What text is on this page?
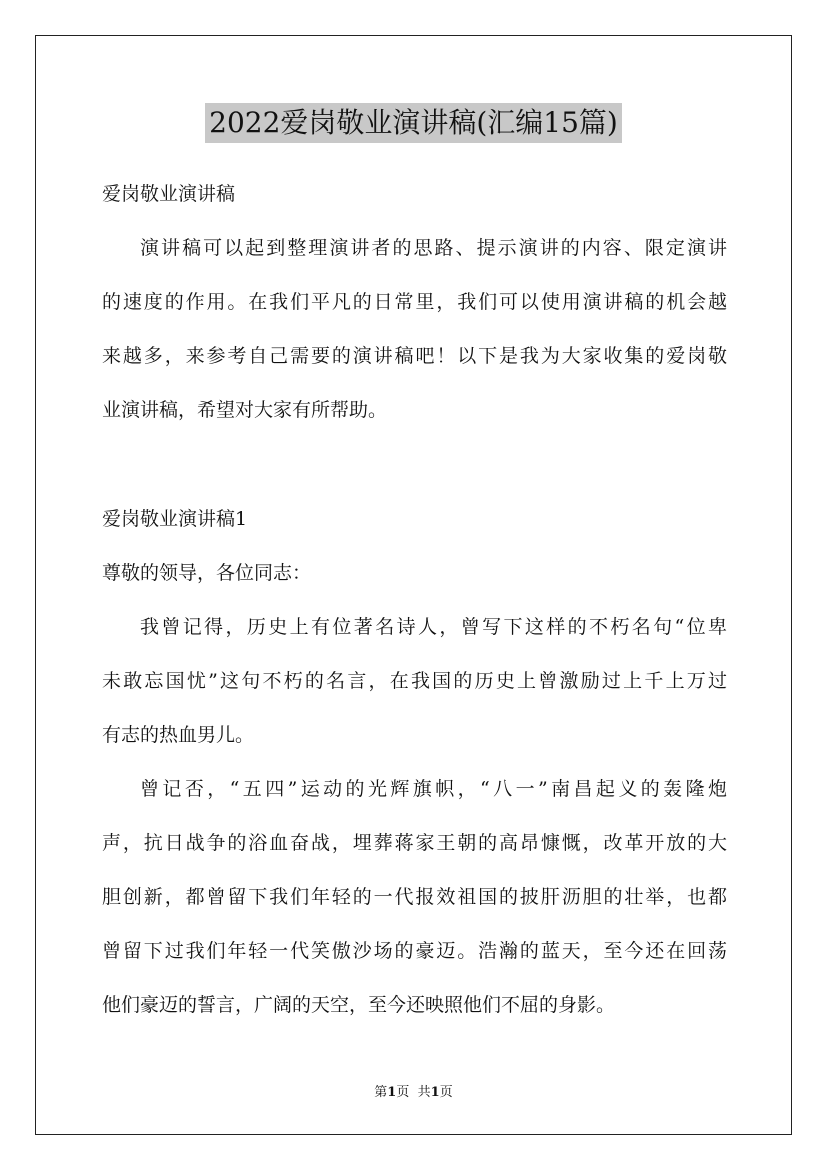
2022爱岗敬业演讲稿(汇编15篇)
爱岗敬业演讲稿
演讲稿可以起到整理演讲者的思路、提示演讲的内容、限定演讲
的速度的作用。在我们平凡的日常里，我们可以使用演讲稿的机会越
来越多，来参考自己需要的演讲稿吧！以下是我为大家收集的爱岗敬
业演讲稿，希望对大家有所帮助。
爱岗敬业演讲稿1
尊敬的领导，各位同志：
我曾记得，历史上有位著名诗人，曾写下这样的不朽名句“位卑
未敢忘国忧”这句不朽的名言，在我国的历史上曾激励过上千上万过
有志的热血男儿。
曾记否，“五四”运动的光辉旗帜，“八一”南昌起义的轰隆炮
声，抗日战争的浴血奋战，埋葬蒋家王朝的高昂慷慨，改革开放的大
胆创新，都曾留下我们年轻的一代报效祖国的披肝沥胆的壮举，也都
曾留下过我们年轻一代笑傲沙场的豪迈。浩瀚的蓝天，至今还在回荡
他们豪迈的誓言，广阔的天空，至今还映照他们不屈的身影。
第1页 共1页
